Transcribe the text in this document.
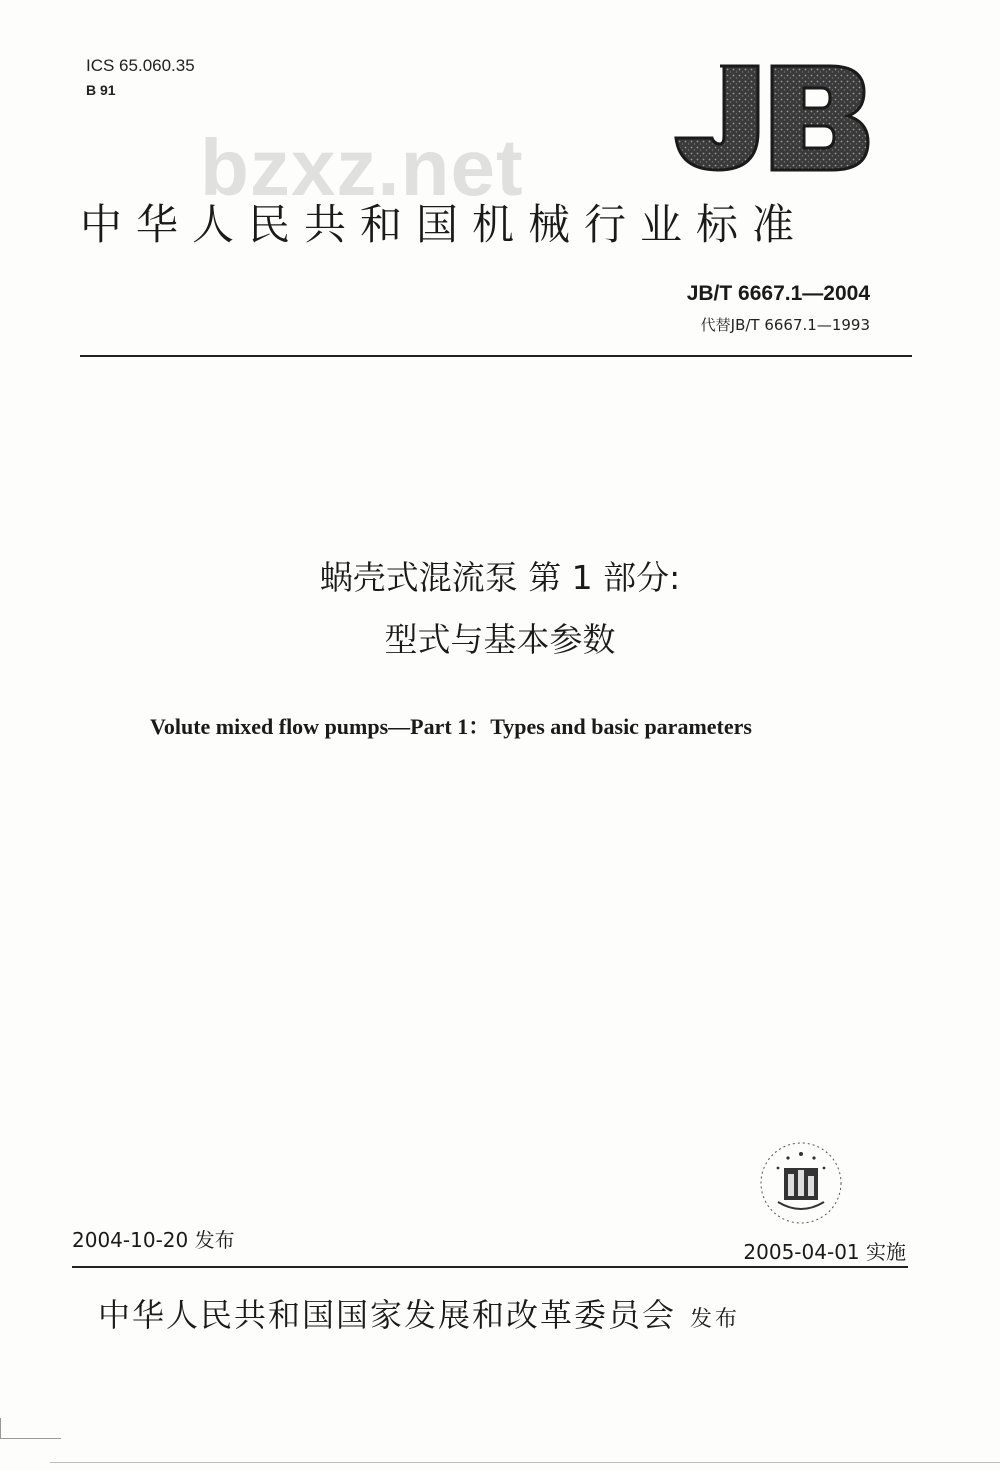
ICS 65.060.35
B 91
bzxz.net
中华人民共和国机械行业标准
JB/T 6667.1—2004
代替JB/T 6667.1—1993
蜗壳式混流泵 第 1 部分:
型式与基本参数
Volute mixed flow pumps—Part 1：Types and basic parameters
2004-10-20 发布	2005-04-01 实施
中华人民共和国国家发展和改革委员会 发布
